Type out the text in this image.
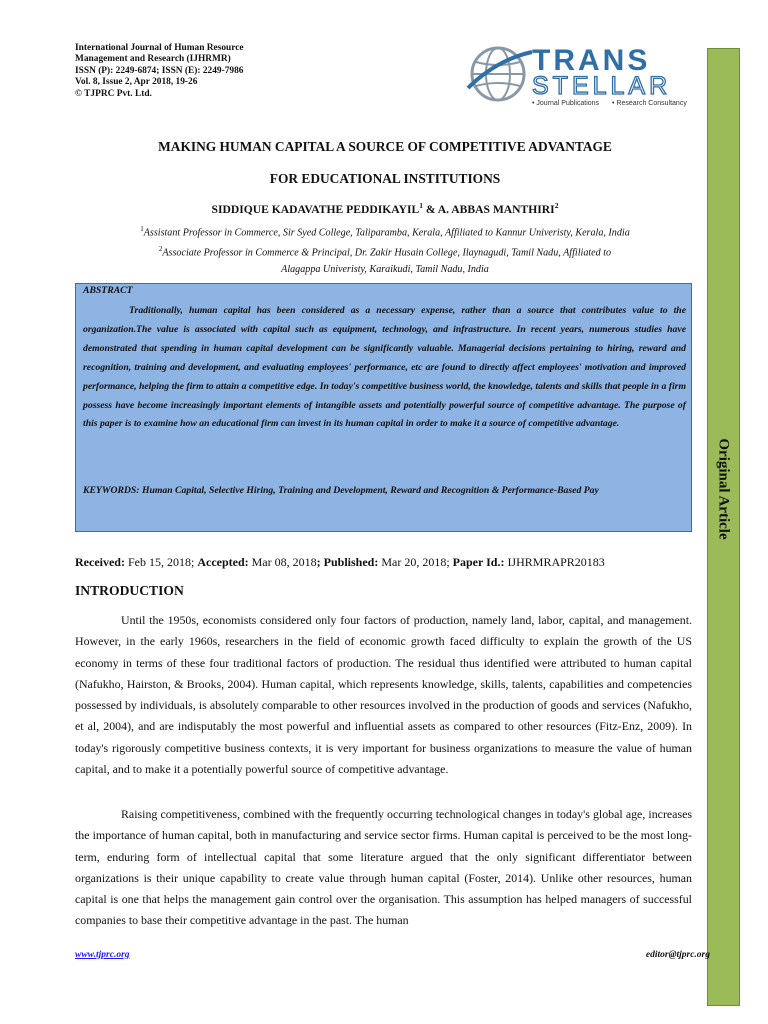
International Journal of Human Resource
Management and Research (IJHRMR)
ISSN (P): 2249-6874; ISSN (E): 2249-7986
Vol. 8, Issue 2, Apr 2018, 19-26
© TJPRC Pvt. Ltd.
TRANS
STELLAR
• Journal Publications • Research Consultancy
Original Article
MAKING HUMAN CAPITAL A SOURCE OF COMPETITIVE ADVANTAGE
FOR EDUCATIONAL INSTITUTIONS
SIDDIQUE KADAVATHE PEDDIKAYIL$^1$ & A. ABBAS MANTHIRI$^2$
$^1$Assistant Professor in Commerce, Sir Syed College, Taliparamba, Kerala, Affiliated to Kannur Univeristy, Kerala, India
$^2$Associate Professor in Commerce & Principal, Dr. Zakir Husain College, Ilaynagudi, Tamil Nadu, Affiliated to
Alagappa Univeristy, Karaikudi, Tamil Nadu, India
ABSTRACT

Traditionally, human capital has been considered as a necessary expense, rather than a source that contributes value to the organization.The value is associated with capital such as equipment, technology, and infrastructure. In recent years, numerous studies have demonstrated that spending in human capital development can be significantly valuable. Managerial decisions pertaining to hiring, reward and recognition, training and development, and evaluating employees' performance, etc are found to directly affect employees' motivation and improved performance, helping the firm to attain a competitive edge. In today's competitive business world, the knowledge, talents and skills that people in a firm possess have become increasingly important elements of intangible assets and potentially powerful source of competitive advantage. The purpose of this paper is to examine how an educational firm can invest in its human capital in order to make it a source of competitive advantage.

KEYWORDS: Human Capital, Selective Hiring, Training and Development, Reward and Recognition & Performance-Based Pay
Received: Feb 15, 2018; Accepted: Mar 08, 2018; Published: Mar 20, 2018; Paper Id.: IJHRMRAPR20183
INTRODUCTION

Until the 1950s, economists considered only four factors of production, namely land, labor, capital, and management. However, in the early 1960s, researchers in the field of economic growth faced difficulty to explain the growth of the US economy in terms of these four traditional factors of production. The residual thus identified were attributed to human capital (Nafukho, Hairston, & Brooks, 2004). Human capital, which represents knowledge, skills, talents, capabilities and competencies possessed by individuals, is absolutely comparable to other resources involved in the production of goods and services (Nafukho, et al, 2004), and are indisputably the most powerful and influential assets as compared to other resources (Fitz-Enz, 2009). In today's rigorously competitive business contexts, it is very important for business organizations to measure the value of human capital, and to make it a potentially powerful source of competitive advantage.

Raising competitiveness, combined with the frequently occurring technological changes in today's global age, increases the importance of human capital, both in manufacturing and service sector firms. Human capital is perceived to be the most long-term, enduring form of intellectual capital that some literature argued that the only significant differentiator between organizations is their unique capability to create value through human capital (Foster, 2014). Unlike other resources, human capital is one that helps the management gain control over the organisation. This assumption has helped managers of successful companies to base their competitive advantage in the past. The human

www.tjprc.org	editor@tjprc.org
